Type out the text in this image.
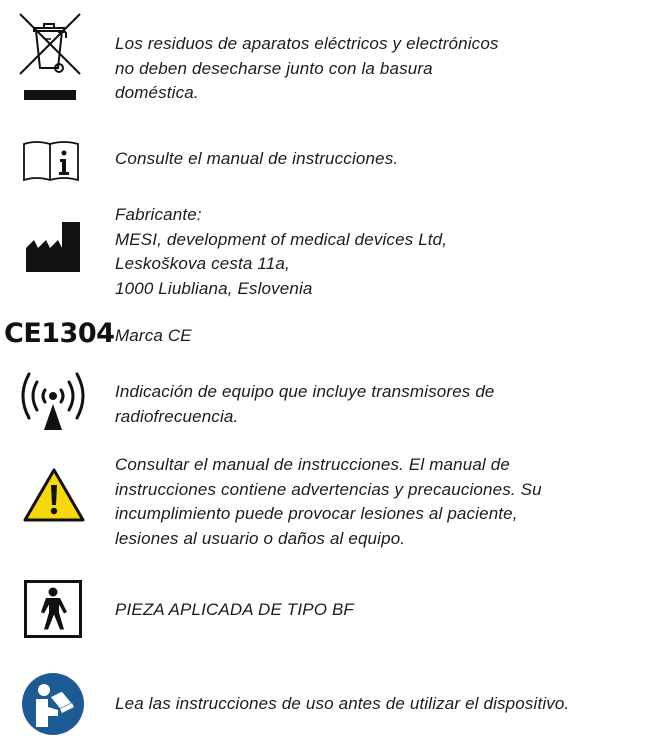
Los residuos de aparatos eléctricos y electrónicos
no deben desecharse junto con la basura
doméstica.
Consulte el manual de instrucciones.
Fabricante:
MESI, development of medical devices Ltd,
Leskoškova cesta 11a,
1000 Liubliana, Eslovenia
CE1304 Marca CE
Indicación de equipo que incluye transmisores de
radiofrecuencia.
Consultar el manual de instrucciones. El manual de
instrucciones contiene advertencias y precauciones. Su
incumplimiento puede provocar lesiones al paciente,
lesiones al usuario o daños al equipo.
PIEZA APLICADA DE TIPO BF
Lea las instrucciones de uso antes de utilizar el dispositivo.
